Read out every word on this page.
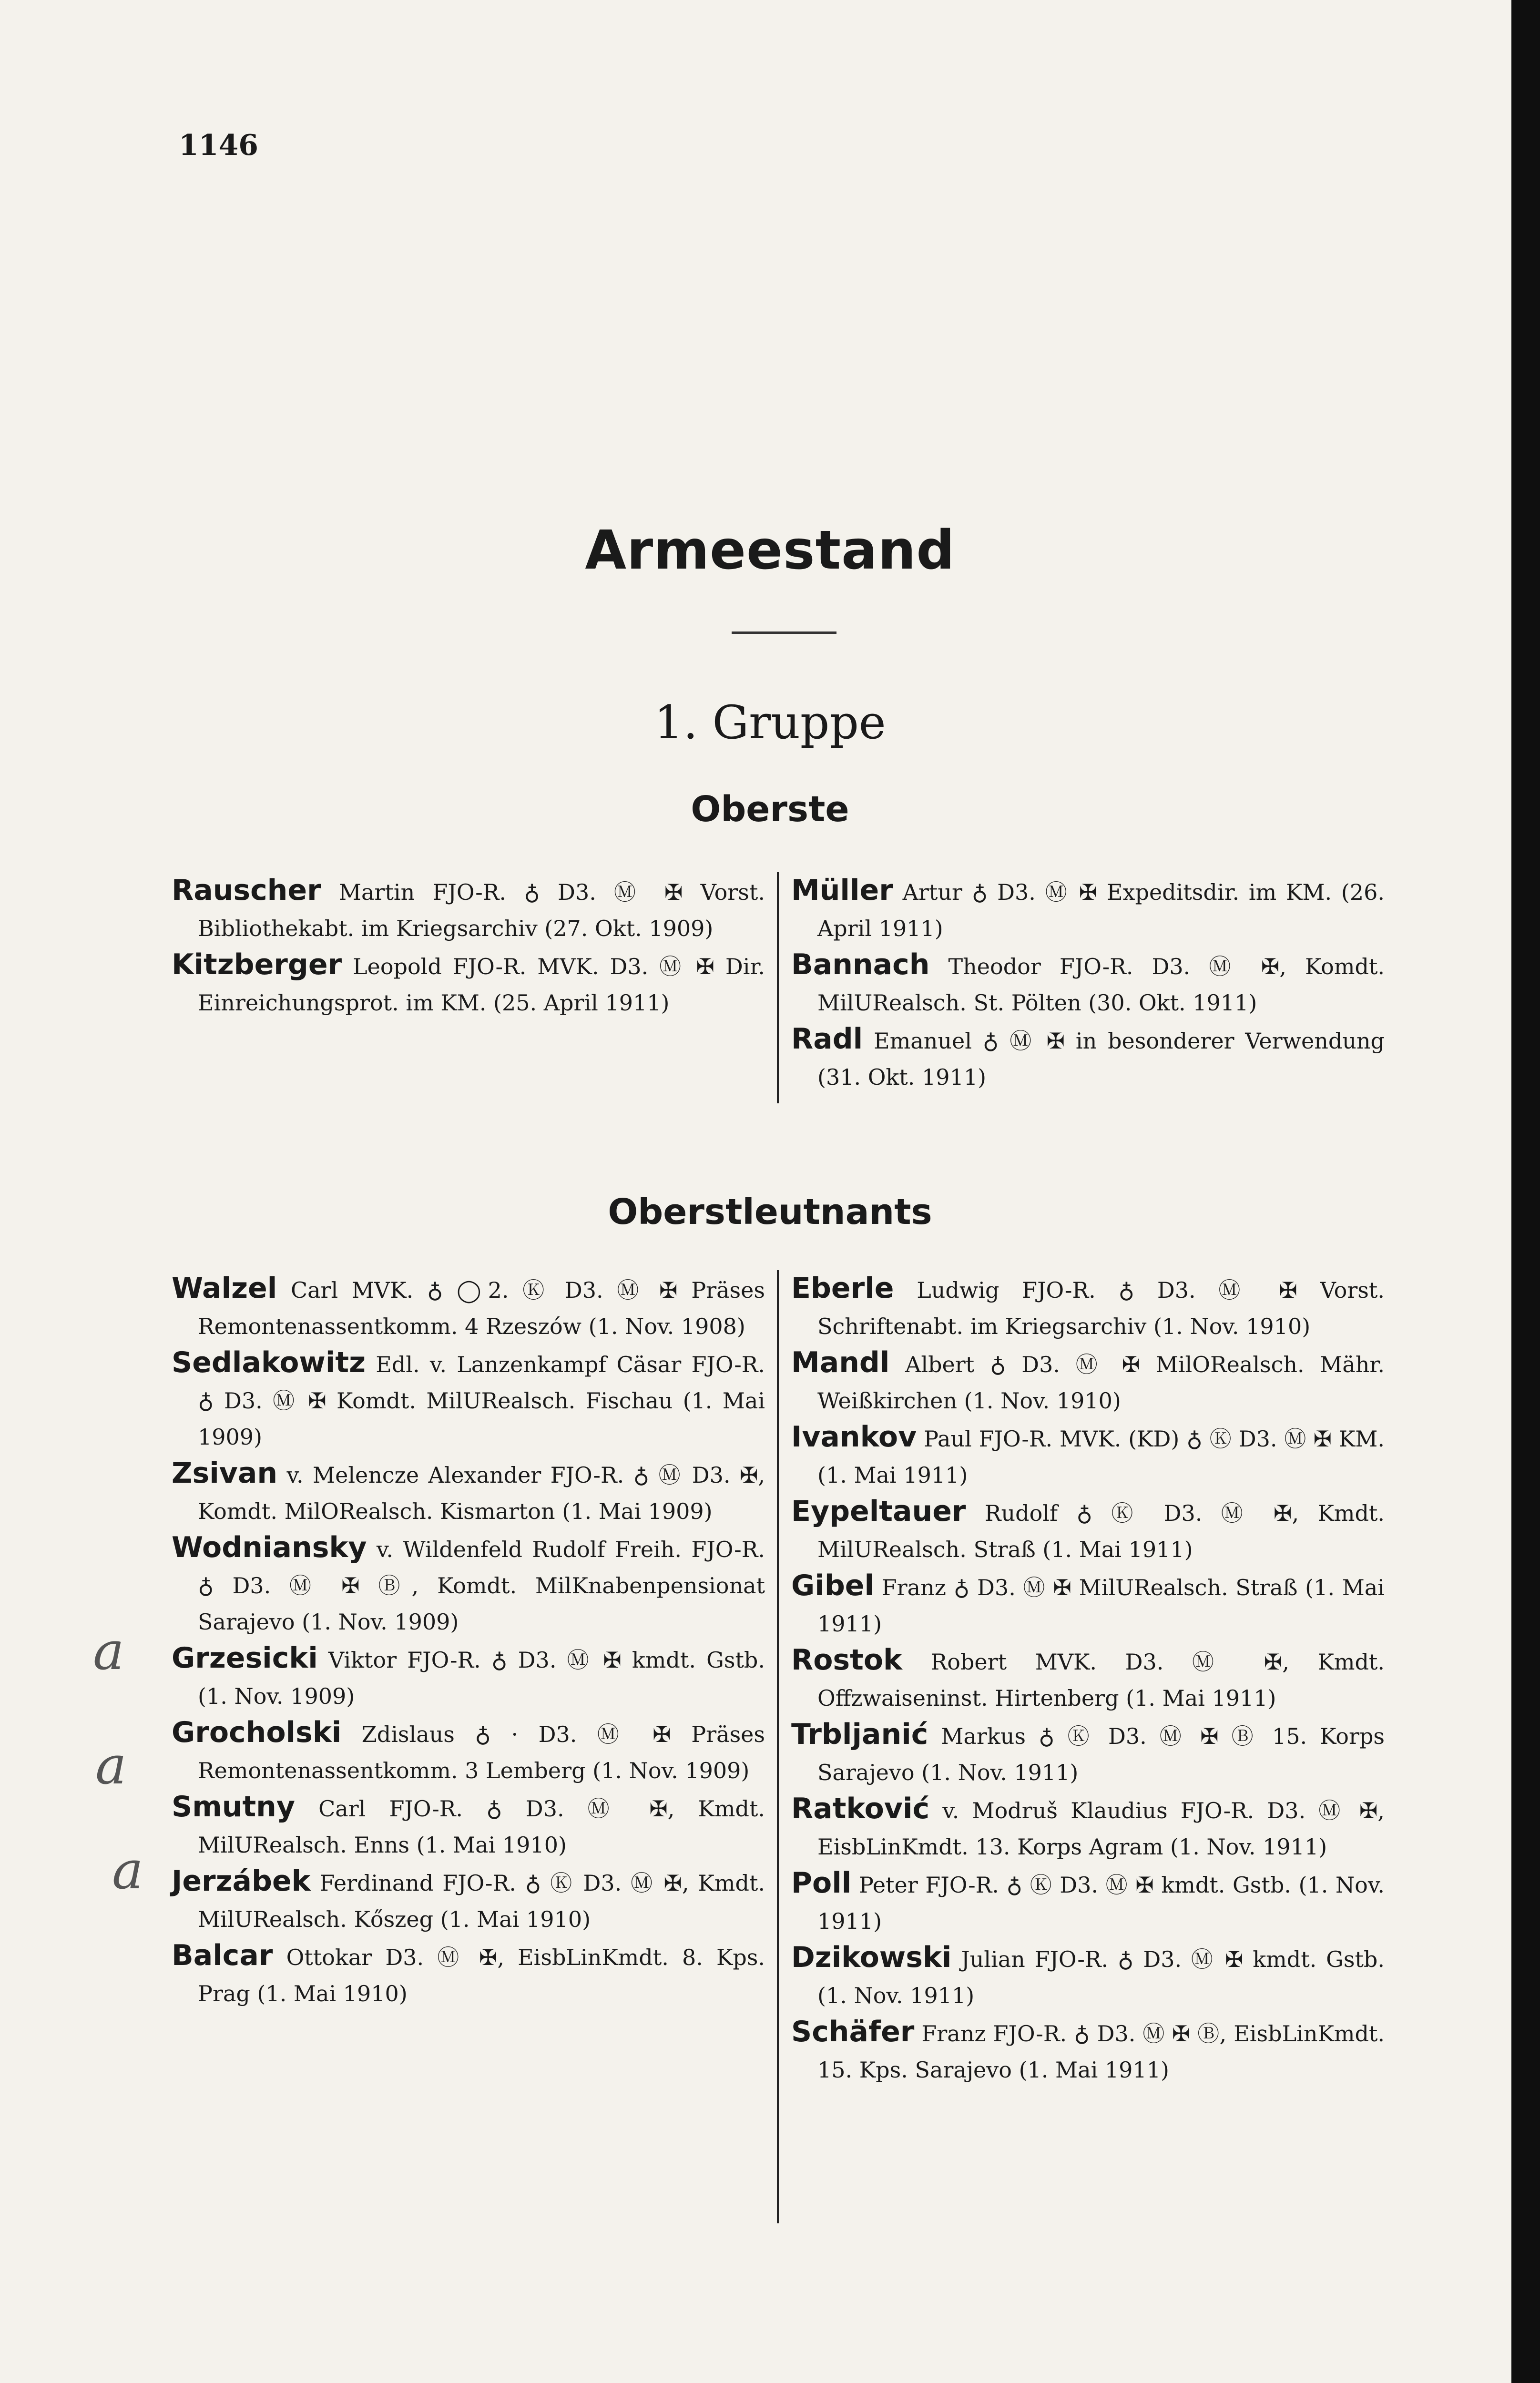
1146
Armeestand
1. Gruppe
Oberste
Rauscher Martin FJO-R. ♁ D3. Ⓜ ✠ Vorst. Bibliothekabt. im Kriegsarchiv (27. Okt. 1909)
Kitzberger Leopold FJO-R. MVK. D3. Ⓜ ✠ Dir. Einreichungsprot. im KM. (25. April 1911)
Müller Artur ♁ D3. Ⓜ ✠ Expeditsdir. im KM. (26. April 1911)
Bannach Theodor FJO-R. D3. Ⓜ ✠, Komdt. MilURealsch. St. Pölten (30. Okt. 1911)
Radl Emanuel ♁ Ⓜ ✠ in besonderer Verwendung (31. Okt. 1911)
Oberstleutnants
Walzel Carl MVK. ♁ ◯2. Ⓚ D3. Ⓜ ✠ Präses Remontenassentkomm. 4 Rzeszów (1. Nov. 1908)
Sedlakowitz Edl. v. Lanzenkampf Cäsar FJO-R. ♁ D3. Ⓜ ✠ Komdt. MilURealsch. Fischau (1. Mai 1909)
Zsivan v. Melencze Alexander FJO-R. ♁ Ⓜ D3. ✠, Komdt. MilORealsch. Kismarton (1. Mai 1909)
Wodniansky v. Wildenfeld Rudolf Freih. FJO-R. ♁ D3. Ⓜ ✠ Ⓑ, Komdt. MilKnabenpensionat Sarajevo (1. Nov. 1909)
Grzesicki Viktor FJO-R. ♁ D3. Ⓜ ✠ kmdt. Gstb. (1. Nov. 1909)
Grocholski Zdislaus ♁ · D3. Ⓜ ✠ Präses Remontenassentkomm. 3 Lemberg (1. Nov. 1909)
Smutny Carl FJO-R. ♁ D3. Ⓜ ✠, Kmdt. MilURealsch. Enns (1. Mai 1910)
Jerzábek Ferdinand FJO-R. ♁ Ⓚ D3. Ⓜ ✠, Kmdt. MilURealsch. Kőszeg (1. Mai 1910)
Balcar Ottokar D3. Ⓜ ✠, EisbLinKmdt. 8. Kps. Prag (1. Mai 1910)
Eberle Ludwig FJO-R. ♁ D3. Ⓜ ✠ Vorst. Schriftenabt. im Kriegsarchiv (1. Nov. 1910)
Mandl Albert ♁ D3. Ⓜ ✠ MilORealsch. Mähr. Weißkirchen (1. Nov. 1910)
Ivankov Paul FJO-R. MVK. (KD) ♁ Ⓚ D3. Ⓜ ✠ KM. (1. Mai 1911)
Eypeltauer Rudolf ♁ Ⓚ D3. Ⓜ ✠, Kmdt. MilURealsch. Straß (1. Mai 1911)
Gibel Franz ♁ D3. Ⓜ ✠ MilURealsch. Straß (1. Mai 1911)
Rostok Robert MVK. D3. Ⓜ ✠, Kmdt. Offzwaiseninst. Hirtenberg (1. Mai 1911)
Trbljanić Markus ♁ Ⓚ D3. Ⓜ ✠ Ⓑ 15. Korps Sarajevo (1. Nov. 1911)
Ratković v. Modruš Klaudius FJO-R. D3. Ⓜ ✠, EisbLinKmdt. 13. Korps Agram (1. Nov. 1911)
Poll Peter FJO-R. ♁ Ⓚ D3. Ⓜ ✠ kmdt. Gstb. (1. Nov. 1911)
Dzikowski Julian FJO-R. ♁ D3. Ⓜ ✠ kmdt. Gstb. (1. Nov. 1911)
Schäfer Franz FJO-R. ♁ D3. Ⓜ ✠ Ⓑ, EisbLinKmdt. 15. Kps. Sarajevo (1. Mai 1911)
a
a
a
